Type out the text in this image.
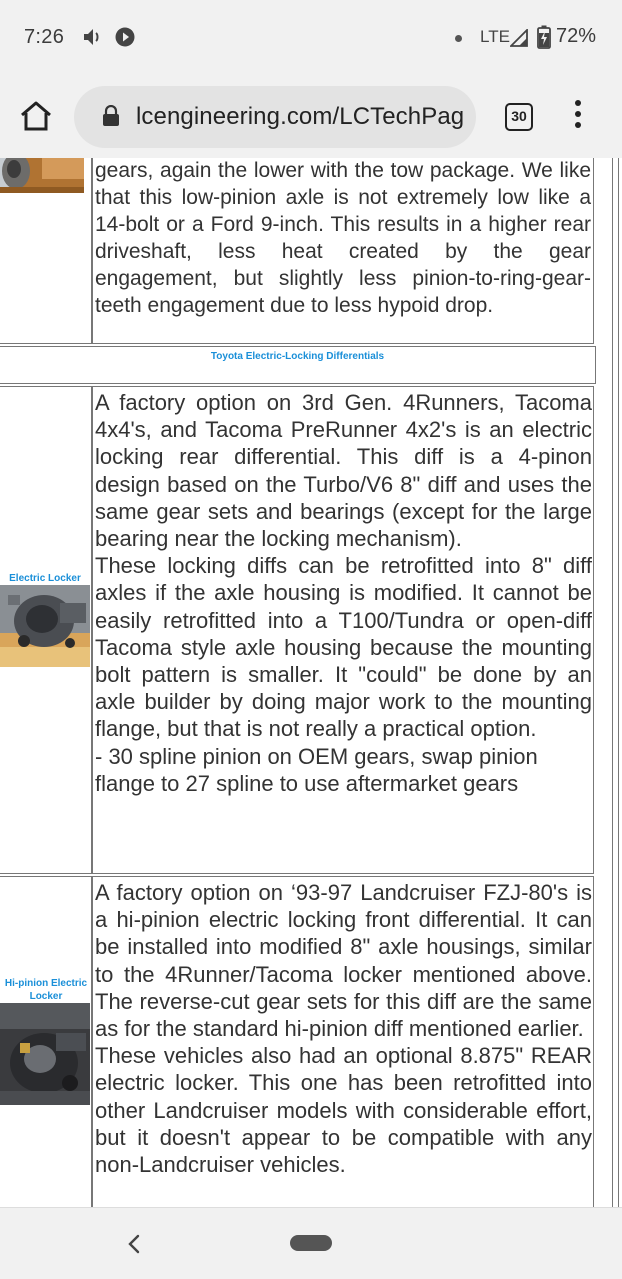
7:26	LTE 72%
lcengineering.com/LCTechPag	30

gears, again the lower with the tow package. We like that this low-pinion axle is not extremely low like a 14-bolt or a Ford 9-inch. This results in a higher rear driveshaft, less heat created by the gear engagement, but slightly less pinion-to-ring-gear-teeth engagement due to less hypoid drop.

Toyota Electric-Locking Differentials
Electric Locker

A factory option on 3rd Gen. 4Runners, Tacoma 4x4's, and Tacoma PreRunner 4x2's is an electric locking rear differential. This diff is a 4-pinon design based on the Turbo/V6 8" diff and uses the same gear sets and bearings (except for the large bearing near the locking mechanism).

These locking diffs can be retrofitted into 8" diff axles if the axle housing is modified. It cannot be easily retrofitted into a T100/Tundra or open-diff Tacoma style axle housing because the mounting bolt pattern is smaller. It "could" be done by an axle builder by doing major work to the mounting flange, but that is not really a practical option.

- 30 spline pinion on OEM gears, swap pinion flange to 27 spline to use aftermarket gears

Hi-pinion Electric Locker

A factory option on ‘93-97 Landcruiser FZJ-80's is a hi-pinion electric locking front differential. It can be installed into modified 8" axle housings, similar to the 4Runner/Tacoma locker mentioned above. The reverse-cut gear sets for this diff are the same as for the standard hi-pinion diff mentioned earlier.

These vehicles also had an optional 8.875" REAR electric locker. This one has been retrofitted into other Landcruiser models with considerable effort, but it doesn't appear to be compatible with any non-Landcruiser vehicles.
